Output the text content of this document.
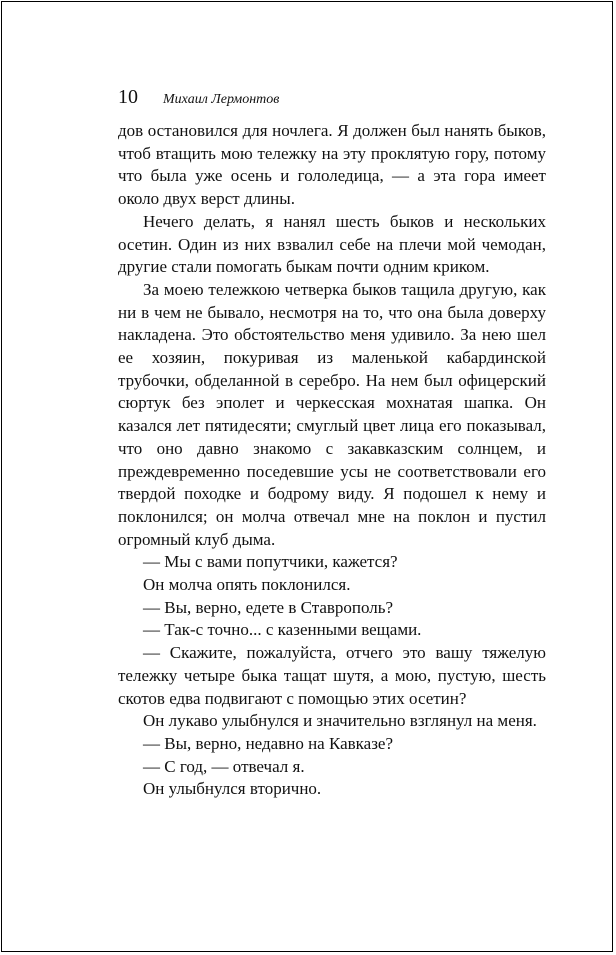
10 Михаил Лермонтов

дов остановился для ночлега. Я должен был нанять быков, чтоб втащить мою тележку на эту проклятую гору, потому что была уже осень и гололедица, — а эта гора имеет около двух верст длины.

Нечего делать, я нанял шесть быков и нескольких осетин. Один из них взвалил себе на плечи мой чемодан, другие стали помогать быкам почти одним криком.

За моею тележкою четверка быков тащила другую, как ни в чем не бывало, несмотря на то, что она была доверху накладена. Это обстоятельство меня удивило. За нею шел ее хозяин, покуривая из маленькой кабардинской трубочки, обделанной в серебро. На нем был офицерский сюртук без эполет и черкесская мохнатая шапка. Он казался лет пятидесяти; смуглый цвет лица его показывал, что оно давно знакомо с закавказским солнцем, и преждевременно поседевшие усы не соответствовали его твердой походке и бодрому виду. Я подошел к нему и поклонился; он молча отвечал мне на поклон и пустил огромный клуб дыма.

— Мы с вами попутчики, кажется?

Он молча опять поклонился.

— Вы, верно, едете в Ставрополь?

— Так-с точно... с казенными вещами.

— Скажите, пожалуйста, отчего это вашу тяжелую тележку четыре быка тащат шутя, а мою, пустую, шесть скотов едва подвигают с помощью этих осетин?

Он лукаво улыбнулся и значительно взглянул на меня.

— Вы, верно, недавно на Кавказе?

— С год, — отвечал я.

Он улыбнулся вторично.
